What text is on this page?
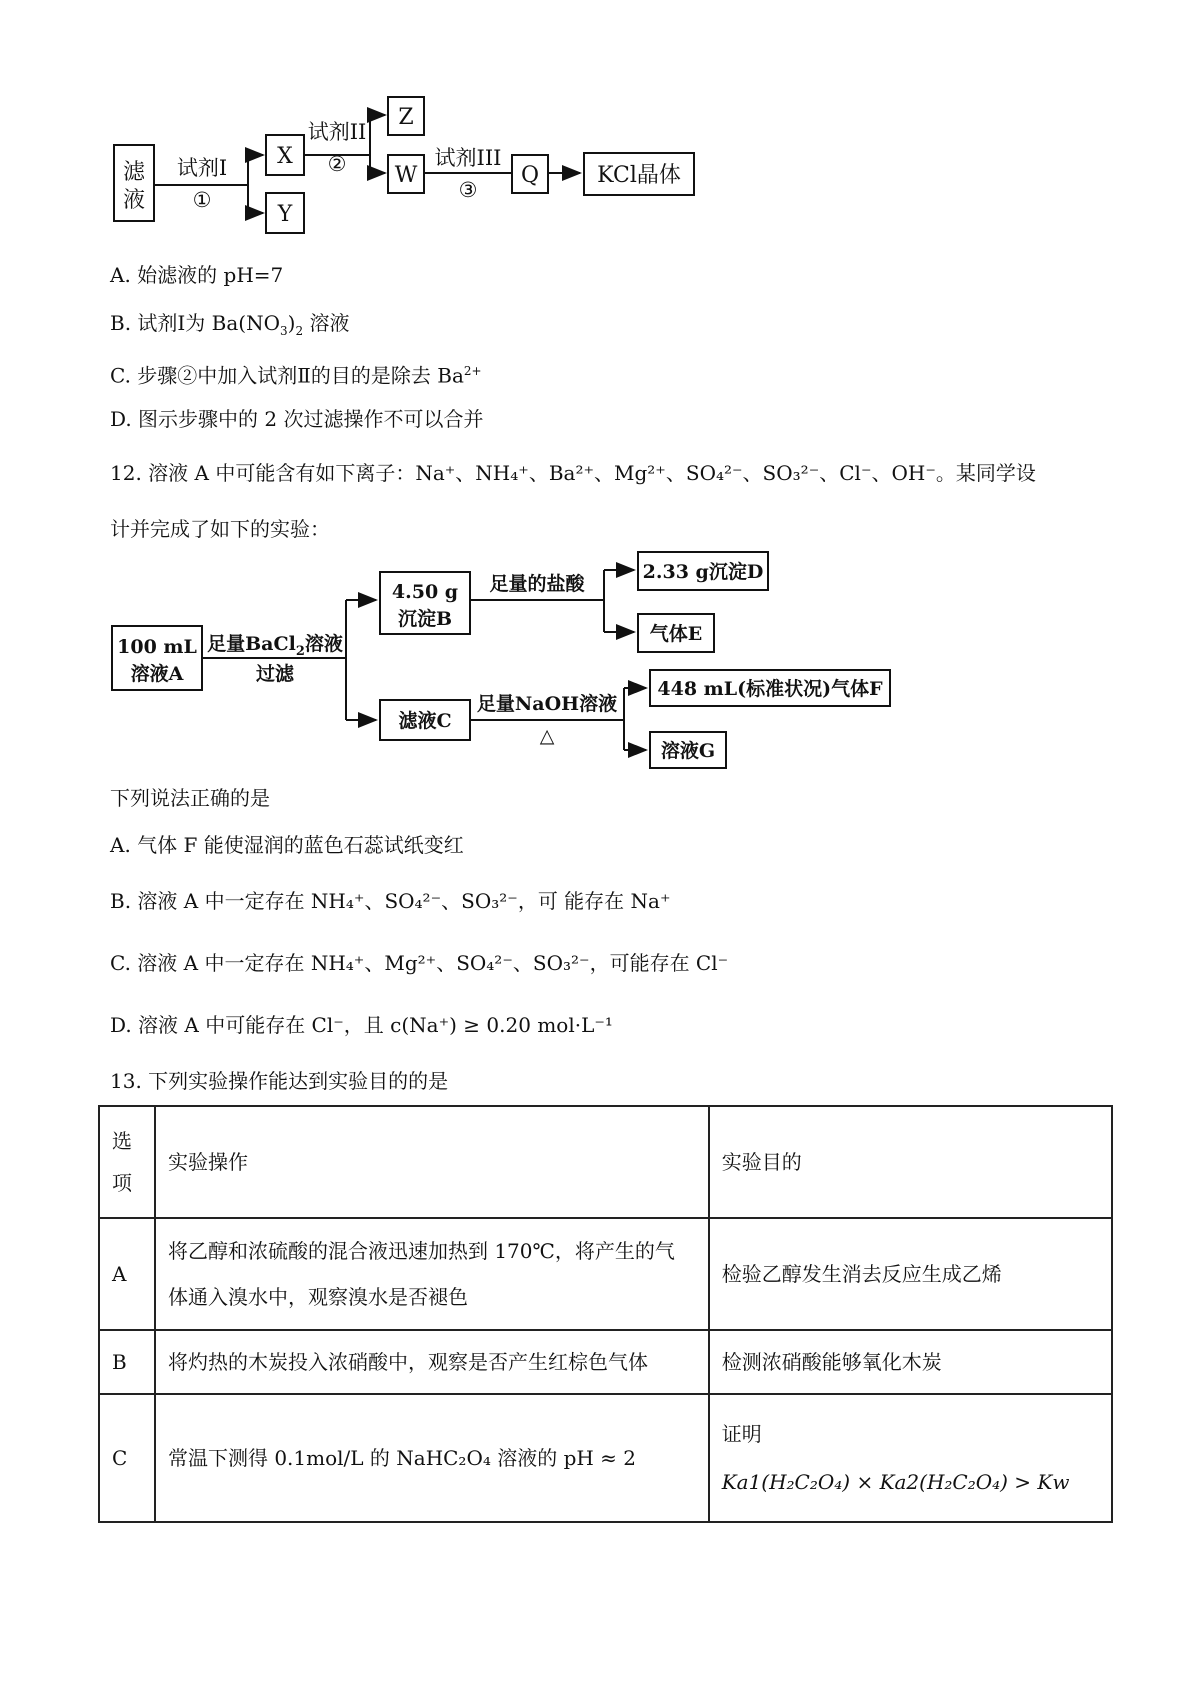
滤
液
试剂I
①
X
Y
试剂II
②
Z
W
试剂III
③
Q	KCl晶体
A. 始滤液的 pH=7
B. 试剂Ⅰ为 $Ba(NO_3)_2$ 溶液
C. 步骤②中加入试剂Ⅱ的目的是除去 $Ba^{2+}$
D. 图示步骤中的 2 次过滤操作不可以合并
12. 溶液 A 中可能含有如下离子：Na⁺、NH₄⁺、Ba²⁺、Mg²⁺、SO₄²⁻、SO₃²⁻、Cl⁻、OH⁻。某同学设
计并完成了如下的实验：
100 mL
溶液A
足量BaCl$_2$溶液
过滤
4.50 g
沉淀B
足量的盐酸
2.33 g沉淀D
气体E
滤液C
足量NaOH溶液
△
448 mL(标准状况)气体F
溶液G
下列说法正确的是
A. 气体 F 能使湿润的蓝色石蕊试纸变红
B. 溶液 A 中一定存在 NH₄⁺、SO₄²⁻、SO₃²⁻，可 能存在 Na⁺
C. 溶液 A 中一定存在 NH₄⁺、Mg²⁺、SO₄²⁻、SO₃²⁻，可能存在 Cl⁻
D. 溶液 A 中可能存在 Cl⁻，且 c(Na⁺) ≥ 0.20 mol·L⁻¹
13. 下列实验操作能达到实验目的的是
选
项	实验操作	实验目的
A	将乙醇和浓硫酸的混合液迅速加热到 170℃，将产生的气
体通入溴水中，观察溴水是否褪色	检验乙醇发生消去反应生成乙烯
B	将灼热的木炭投入浓硝酸中，观察是否产生红棕色气体	检测浓硝酸能够氧化木炭
C	常温下测得 0.1mol/L 的 NaHC₂O₄ 溶液的 pH ≈ 2	证明
Ka1(H₂C₂O₄) × Ka2(H₂C₂O₄) > Kw
